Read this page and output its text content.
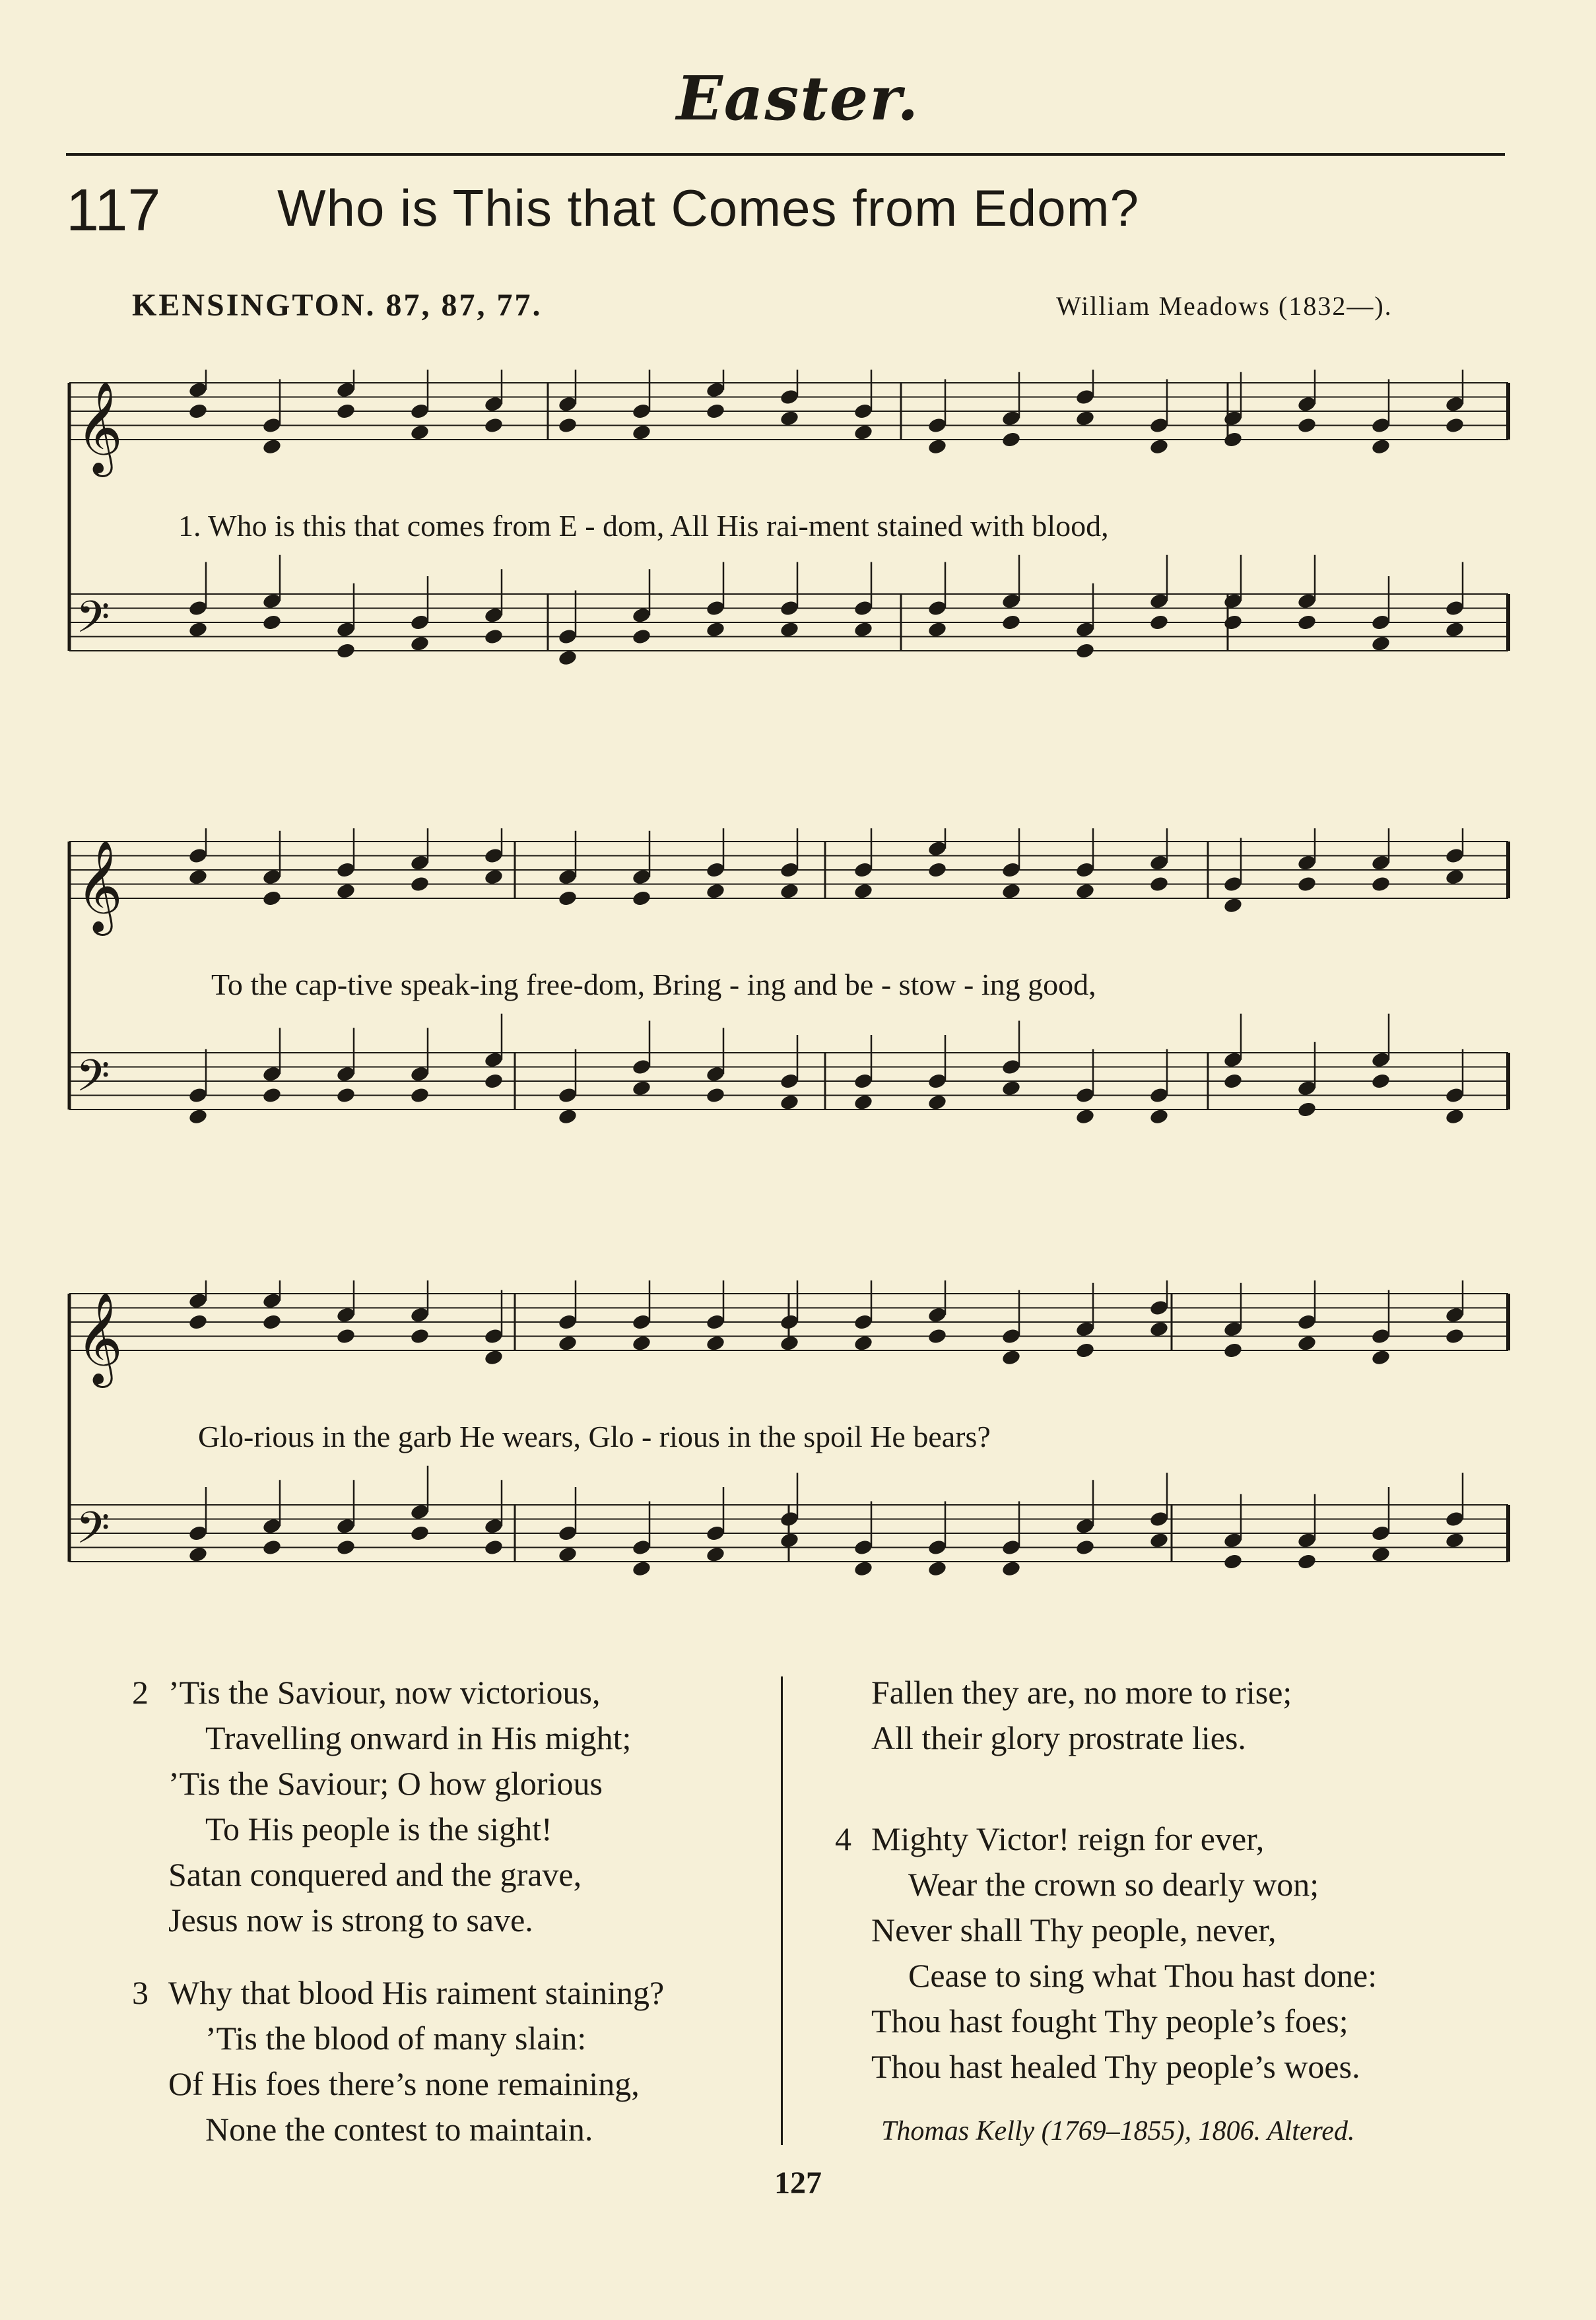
Easter.
117 Who is This that Comes from Edom?
KENSINGTON. 87, 87, 77.	William Meadows (1832—).
𝄞
𝄢
𝄞
𝄢
𝄞
𝄢
1. Who is this that comes from E - dom, All His rai-ment stained with blood,
To the cap-tive speak-ing free-dom, Bring - ing and be - stow - ing good,
Glo-rious in the garb He wears, Glo - rious in the spoil He bears?
2 ’Tis the Saviour, now victorious,
Travelling onward in His might;
’Tis the Saviour; O how glorious
To His people is the sight!
Satan conquered and the grave,
Jesus now is strong to save.
3 Why that blood His raiment staining?
’Tis the blood of many slain:
Of His foes there’s none remaining,
None the contest to maintain.
Fallen they are, no more to rise;
All their glory prostrate lies.
4 Mighty Victor! reign for ever,
Wear the crown so dearly won;
Never shall Thy people, never,
Cease to sing what Thou hast done:
Thou hast fought Thy people’s foes;
Thou hast healed Thy people’s woes.
Thomas Kelly (1769–1855), 1806. Altered.
127
